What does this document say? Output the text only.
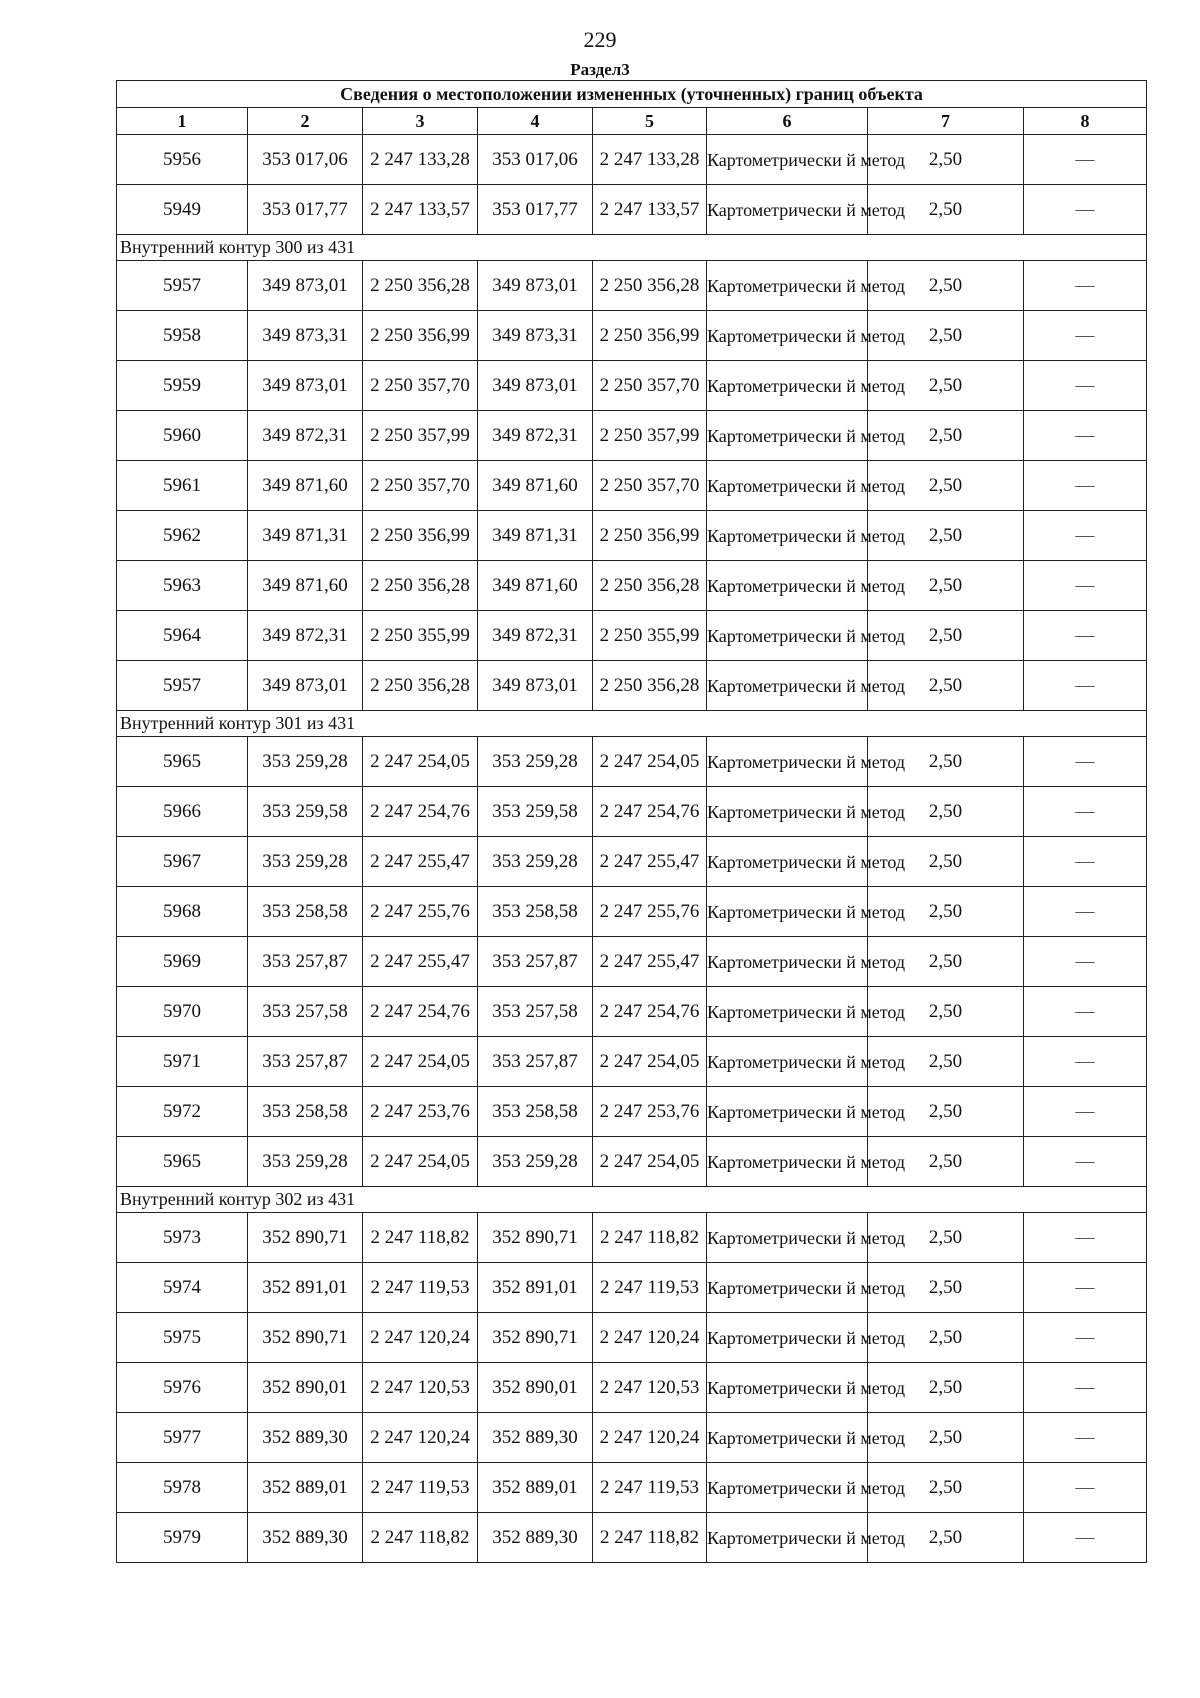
229
Раздел3
Сведения о местоположении измененных (уточненных) границ объекта							
1	2	3	4	5	6	7	8
5956	353 017,06	2 247 133,28	353 017,06	2 247 133,28	Картометрически й метод	2,50	—
5949	353 017,77	2 247 133,57	353 017,77	2 247 133,57	Картометрически й метод	2,50	—
Внутренний контур 300 из 431							
5957	349 873,01	2 250 356,28	349 873,01	2 250 356,28	Картометрически й метод	2,50	—
5958	349 873,31	2 250 356,99	349 873,31	2 250 356,99	Картометрически й метод	2,50	—
5959	349 873,01	2 250 357,70	349 873,01	2 250 357,70	Картометрически й метод	2,50	—
5960	349 872,31	2 250 357,99	349 872,31	2 250 357,99	Картометрически й метод	2,50	—
5961	349 871,60	2 250 357,70	349 871,60	2 250 357,70	Картометрически й метод	2,50	—
5962	349 871,31	2 250 356,99	349 871,31	2 250 356,99	Картометрически й метод	2,50	—
5963	349 871,60	2 250 356,28	349 871,60	2 250 356,28	Картометрически й метод	2,50	—
5964	349 872,31	2 250 355,99	349 872,31	2 250 355,99	Картометрически й метод	2,50	—
5957	349 873,01	2 250 356,28	349 873,01	2 250 356,28	Картометрически й метод	2,50	—
Внутренний контур 301 из 431							
5965	353 259,28	2 247 254,05	353 259,28	2 247 254,05	Картометрически й метод	2,50	—
5966	353 259,58	2 247 254,76	353 259,58	2 247 254,76	Картометрически й метод	2,50	—
5967	353 259,28	2 247 255,47	353 259,28	2 247 255,47	Картометрически й метод	2,50	—
5968	353 258,58	2 247 255,76	353 258,58	2 247 255,76	Картометрически й метод	2,50	—
5969	353 257,87	2 247 255,47	353 257,87	2 247 255,47	Картометрически й метод	2,50	—
5970	353 257,58	2 247 254,76	353 257,58	2 247 254,76	Картометрически й метод	2,50	—
5971	353 257,87	2 247 254,05	353 257,87	2 247 254,05	Картометрически й метод	2,50	—
5972	353 258,58	2 247 253,76	353 258,58	2 247 253,76	Картометрически й метод	2,50	—
5965	353 259,28	2 247 254,05	353 259,28	2 247 254,05	Картометрически й метод	2,50	—
Внутренний контур 302 из 431							
5973	352 890,71	2 247 118,82	352 890,71	2 247 118,82	Картометрически й метод	2,50	—
5974	352 891,01	2 247 119,53	352 891,01	2 247 119,53	Картометрически й метод	2,50	—
5975	352 890,71	2 247 120,24	352 890,71	2 247 120,24	Картометрически й метод	2,50	—
5976	352 890,01	2 247 120,53	352 890,01	2 247 120,53	Картометрически й метод	2,50	—
5977	352 889,30	2 247 120,24	352 889,30	2 247 120,24	Картометрически й метод	2,50	—
5978	352 889,01	2 247 119,53	352 889,01	2 247 119,53	Картометрически й метод	2,50	—
5979	352 889,30	2 247 118,82	352 889,30	2 247 118,82	Картометрически й метод	2,50	—
